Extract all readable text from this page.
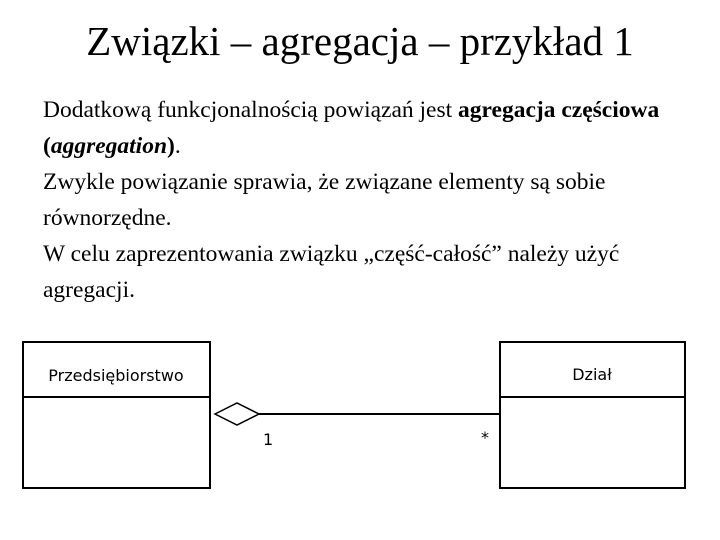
Związki – agregacja – przykład 1

Dodatkową funkcjonalnością powiązań jest agregacja częściowa (aggregation).

Zwykle powiązanie sprawia, że związane elementy są sobie równorzędne.

W celu zaprezentowania związku „część-całość” należy użyć agregacji.

Przedsiębiorstwo	Dział
1	*
